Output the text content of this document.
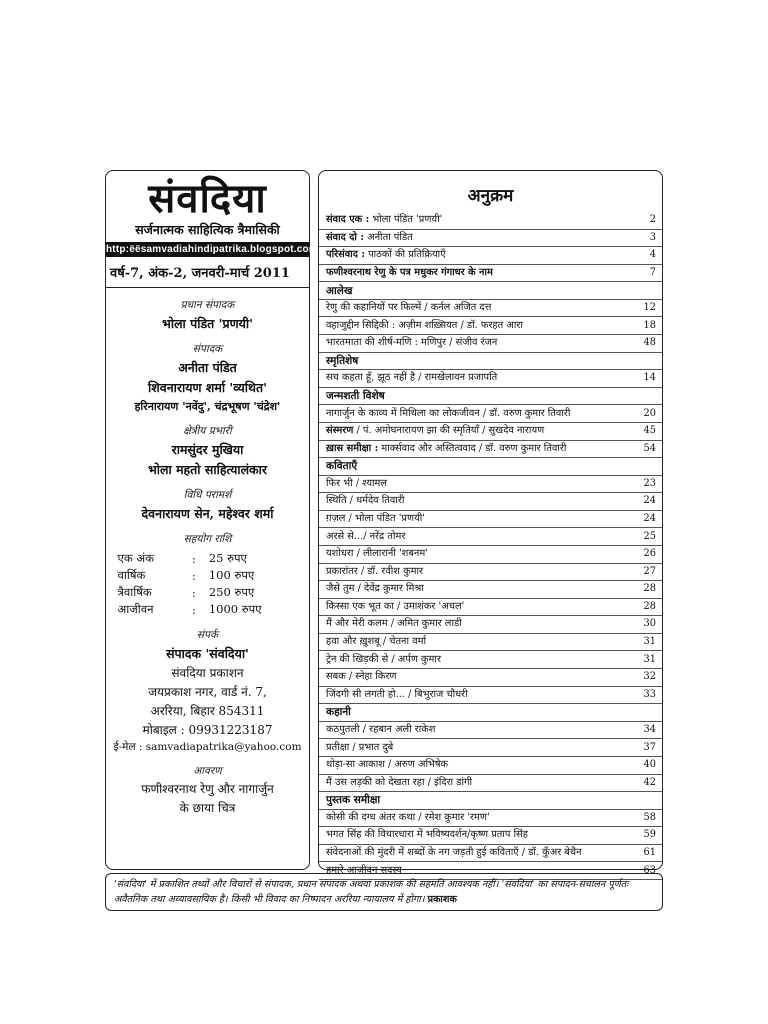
संवदिया
सर्जनात्मक साहित्यिक त्रैमासिकी
http:ëësamvadiahindipatrika.blogspot.com
वर्ष-7, अंक-2, जनवरी-मार्च 2011
प्रधान संपादक
भोला पंडित 'प्रणयी'
संपादक
अनीता पंडित
शिवनारायण शर्मा 'व्यथित'
हरिनारायण 'नवेंदु', चंद्रभूषण 'चंद्रेश'
क्षेत्रीय प्रभारी
रामसुंदर मुखिया
भोला महतो साहित्यालंकार
विधि परामर्श
देवनारायण सेन, महेश्वर शर्मा
सहयोग राशि
एक अंक	:	25 रुपए
वार्षिक	:	100 रुपए
त्रैवार्षिक	:	250 रुपए
आजीवन	:	1000 रुपए
संपर्क
संपादक 'संवदिया'
संवदिया प्रकाशन
जयप्रकाश नगर, वार्ड नं. 7,
अररिया, बिहार 854311
मोबाइल : 09931223187
ई-मेल : samvadiapatrika@yahoo.com
आवरण
फणीश्वरनाथ रेणु और नागार्जुन
के छाया चित्र
अनुक्रम
संवाद एक : भोला पंडित 'प्रणयी'	2
संवाद दो : अनीता पंडित	3
परिसंवाद : पाठकों की प्रतिक्रियाएँ	4
फणीश्वरनाथ रेणु के पत्र मधुकर गंगाधर के नाम	7
आलेख
रेणु की कहानियों पर फिल्में / कर्नल अजित दत्त	12
वहाजुद्दीन सिद्दिकी : अज़ीम शख़्सियत / डॉ. फरहत आरा	18
भारतमाता की शीर्ष-मणि : मणिपुर / संजीव रंजन	48
स्मृतिशेष
सच कहता हूँ, झूठ नहीं है / रामखेलावन प्रजापति	14
जन्मशती विशेष
नागार्जुन के काव्य में मिथिला का लोकजीवन / डॉ. वरुण कुमार तिवारी	20
संस्मरण / पं. अमोघनारायण झा की स्मृतियाँ / सुखदेव नारायण	45
ख़ास समीक्षा : मार्क्सवाद और अस्तित्ववाद / डॉ. वरुण कुमार तिवारी	54
कविताएँ
फिर भी / श्यामल	23
स्थिति / धर्मदेव तिवारी	24
ग़ज़ल / भोला पंडित 'प्रणयी'	24
अरसे से.../ नरेंद्र तोमर	25
यशोधरा / लीलारानी 'शबनम'	26
प्रकारांतर / डॉ. रवीश कुमार	27
जैसे तुम / देवेंद्र कुमार मिश्रा	28
किस्सा एक भूत का / उमाशंकर 'अचल'	28
मैं और मेरी कलम / अमित कुमार लाडी	30
हवा और ख़ुशबू / चेतना वर्मा	31
ट्रेन की खिड़की से / अर्पण कुमार	31
सबक / स्नेहा किरण	32
जिंदगी सी लगती हो... / बिभुराज चौधरी	33
कहानी
कठपुतली / रहबान अली राकेश	34
प्रतीक्षा / प्रभात दुबे	37
थोड़ा-सा आकाश / अरुण अभिषेक	40
मैं उस लड़की को देखता रहा / इंदिरा डांगी	42
पुस्तक समीक्षा
कोसी की दग्ध अंतर कथा / रमेश कुमार 'रमण'	58
भगत सिंह की विचारधारा में भविष्यदर्शन/कृष्ण प्रताप सिंह	59
संवेदनाओं की मुंदरी में शब्दों के नग जड़ती हुई कविताएँ / डॉ. कुँअर बेचैन	61
हमारे आजीवन सदस्य	63
'संवदिया' में प्रकाशित तथ्यों और विचारों से संपादक, प्रधान संपादक अथवा प्रकाशक की सहमति आवश्यक नहीं। 'संवदिया' का संपादन-संचालन पूर्णतः अवैतनिक तथा अव्यावसायिक है। किसी भी विवाद का निष्पादन अररिया न्यायालय में होगा। प्रकाशक
